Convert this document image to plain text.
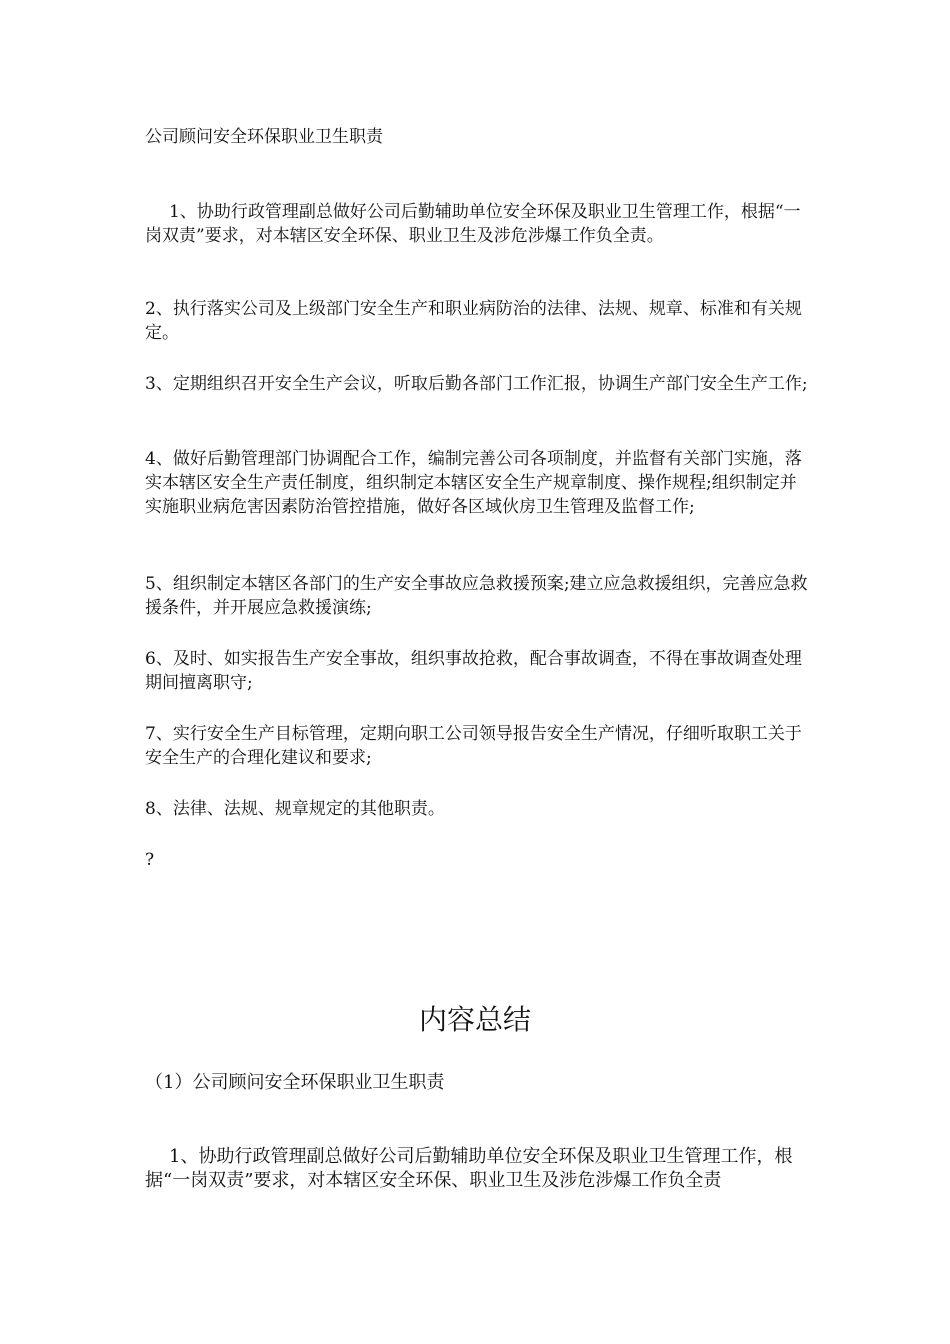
公司顾问安全环保职业卫生职责

1、协助行政管理副总做好公司后勤辅助单位安全环保及职业卫生管理工作，根据“一岗双责”要求，对本辖区安全环保、职业卫生及涉危涉爆工作负全责。

2、执行落实公司及上级部门安全生产和职业病防治的法律、法规、规章、标准和有关规定。

3、定期组织召开安全生产会议，听取后勤各部门工作汇报，协调生产部门安全生产工作;

4、做好后勤管理部门协调配合工作，编制完善公司各项制度，并监督有关部门实施，落实本辖区安全生产责任制度，组织制定本辖区安全生产规章制度、操作规程;组织制定并实施职业病危害因素防治管控措施，做好各区域伙房卫生管理及监督工作;

5、组织制定本辖区各部门的生产安全事故应急救援预案;建立应急救援组织，完善应急救援条件，并开展应急救援演练;

6、及时、如实报告生产安全事故，组织事故抢救，配合事故调查，不得在事故调查处理期间擅离职守;

7、实行安全生产目标管理，定期向职工公司领导报告安全生产情况，仔细听取职工关于安全生产的合理化建议和要求;

8、法律、法规、规章规定的其他职责。

?

内容总结
（1）公司顾问安全环保职业卫生职责

1、协助行政管理副总做好公司后勤辅助单位安全环保及职业卫生管理工作，根据“一岗双责”要求，对本辖区安全环保、职业卫生及涉危涉爆工作负全责
